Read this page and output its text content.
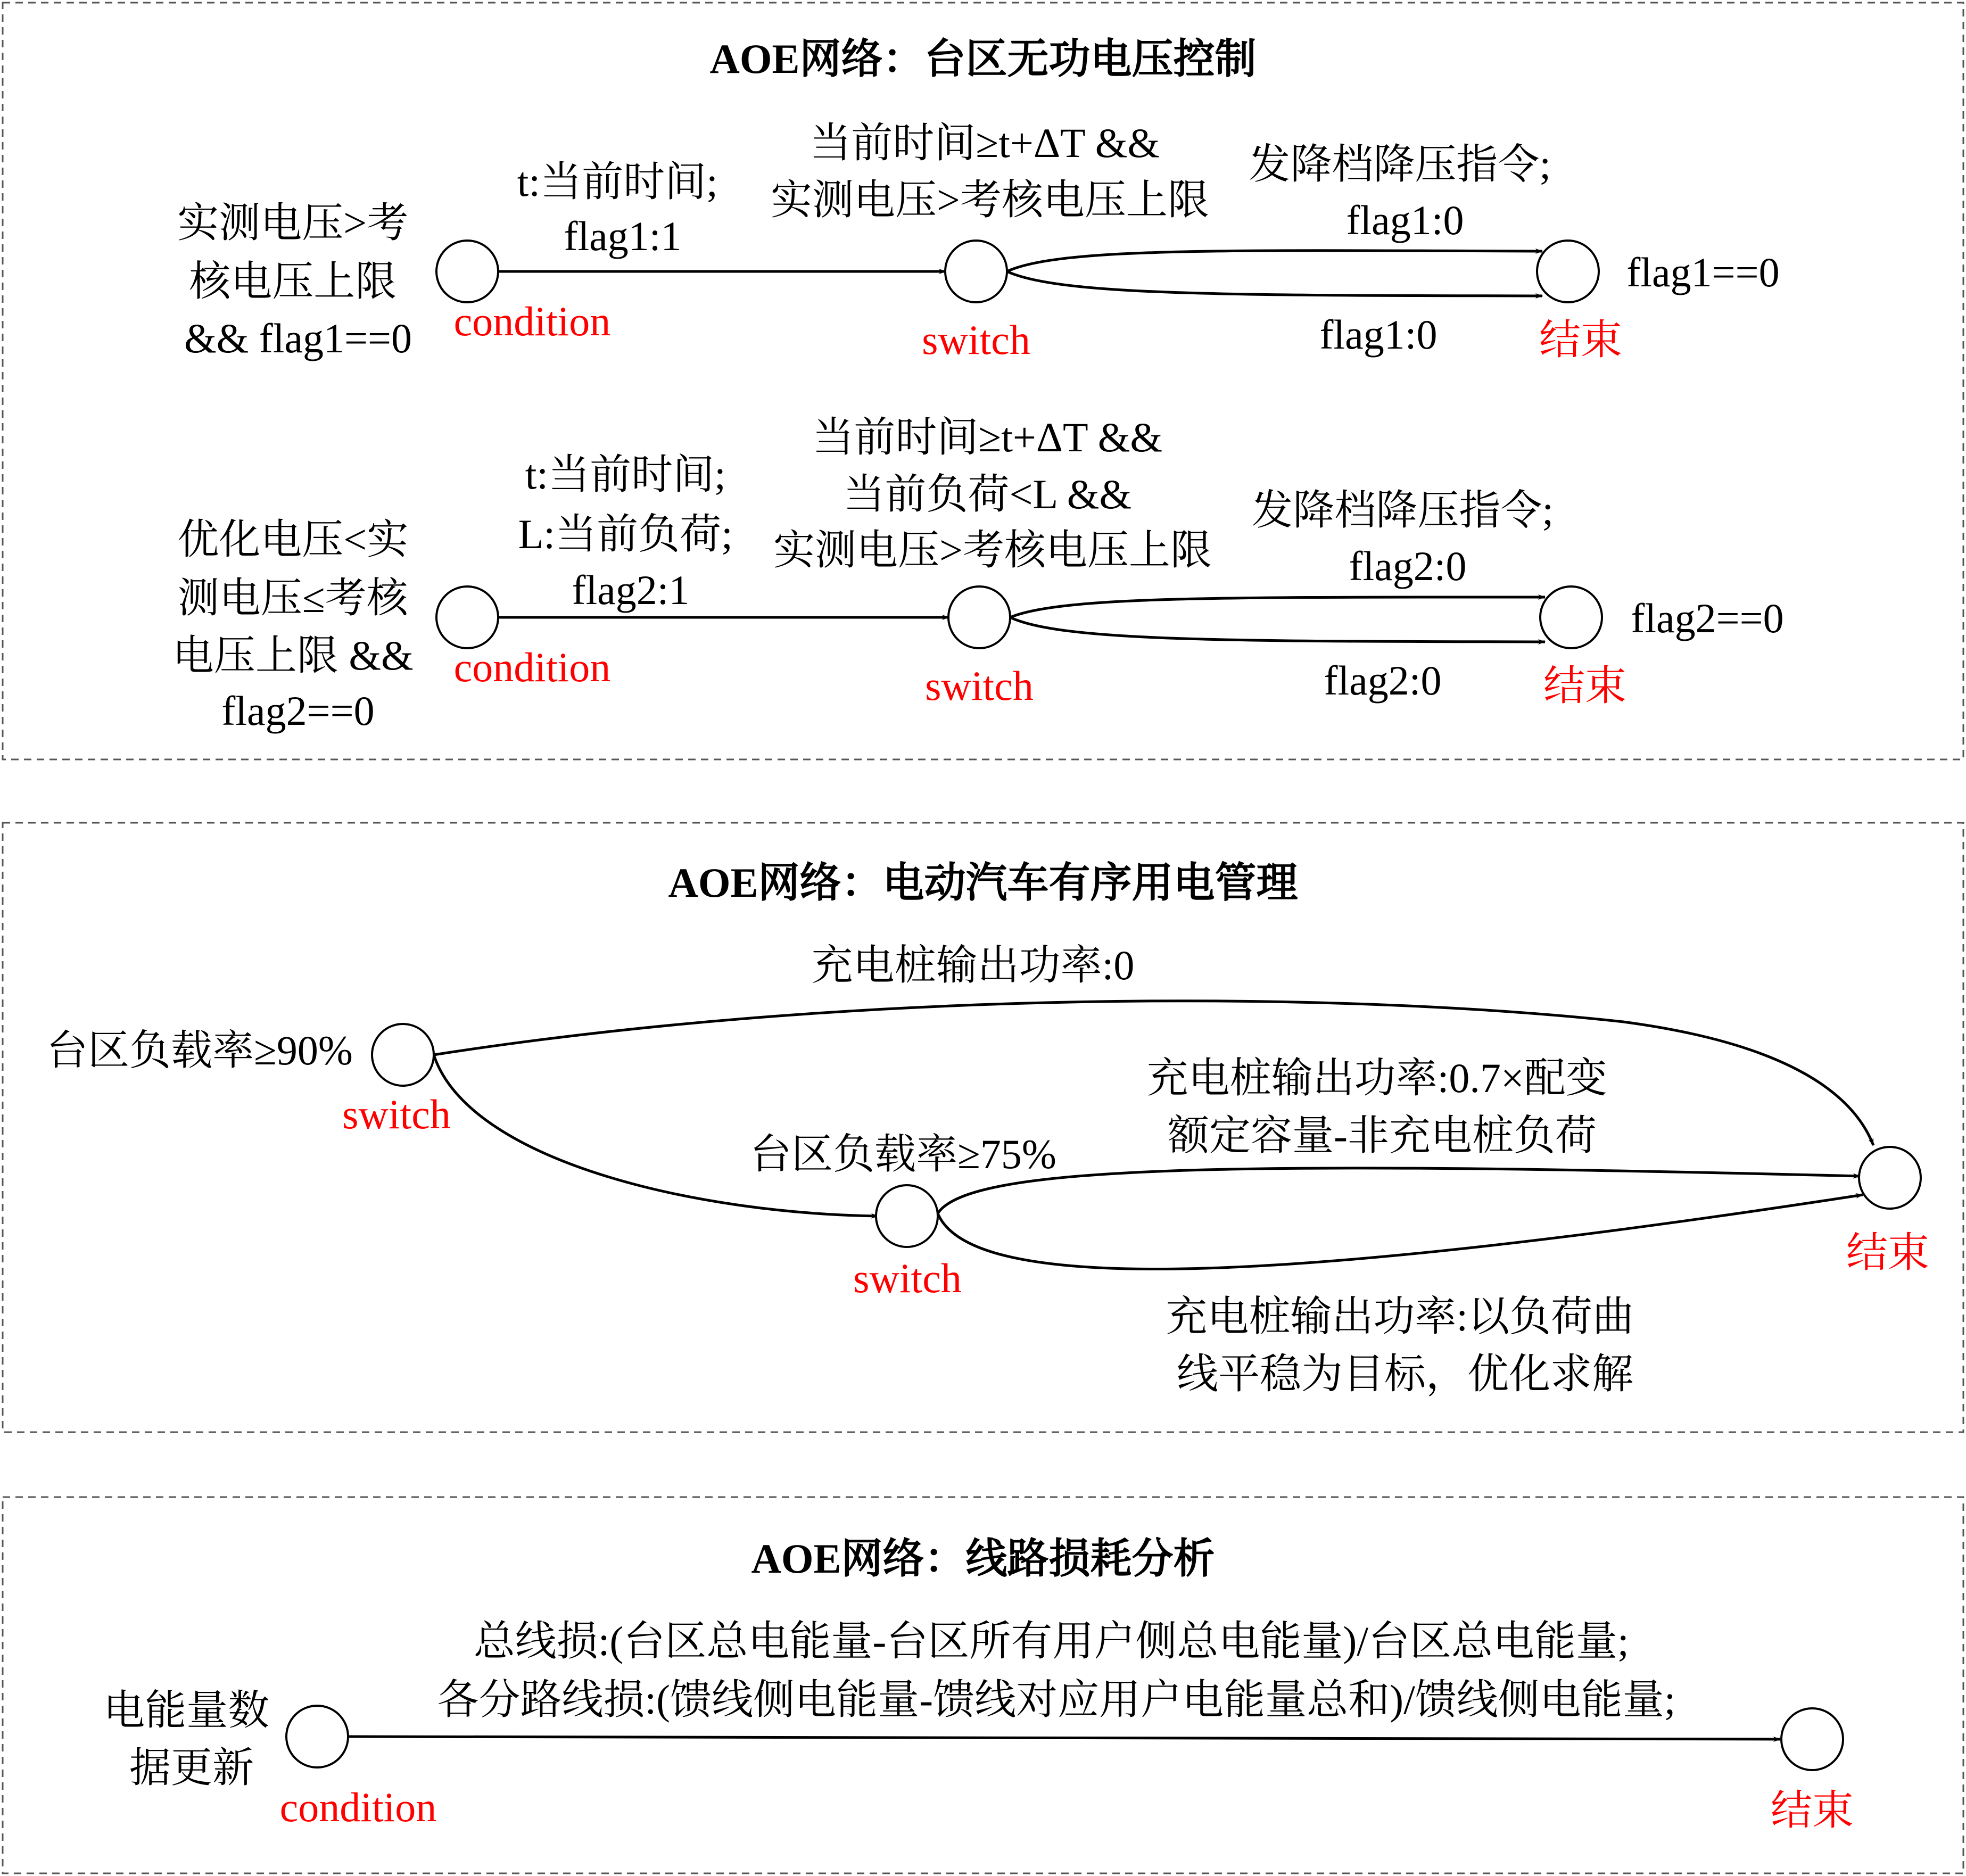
AOE网络：台区无功电压控制
实测电压>考 核电压上限 && flag1==0 condition
t:当前时间; flag1:1
当前时间≥t+ΔT && 实测电压>考核电压上限
switch
发降档降压指令; flag1:0
flag1:0
flag1==0
结束
优化电压<实 测电压≤考核 电压上限 && flag2==0
condition
t:当前时间; L:当前负荷; flag2:1
当前时间≥t+ΔT && 当前负荷<L && 实测电压>考核电压上限
switch
发降档降压指令; flag2:0
flag2:0
flag2==0
结束
AOE网络：电动汽车有序用电管理
台区负载率≥90%
switch
充电桩输出功率:0
台区负载率≥75%
switch
充电桩输出功率:0.7×配变 额定容量-非充电桩负荷
充电桩输出功率:以负荷曲 线平稳为目标，优化求解
结束
AOE网络：线路损耗分析
电能量数 据更新
condition
总线损:(台区总电能量-台区所有用户侧总电能量)/台区总电能量; 各分路线损:(馈线侧电能量-馈线对应用户电能量总和)/馈线侧电能量;
结束
